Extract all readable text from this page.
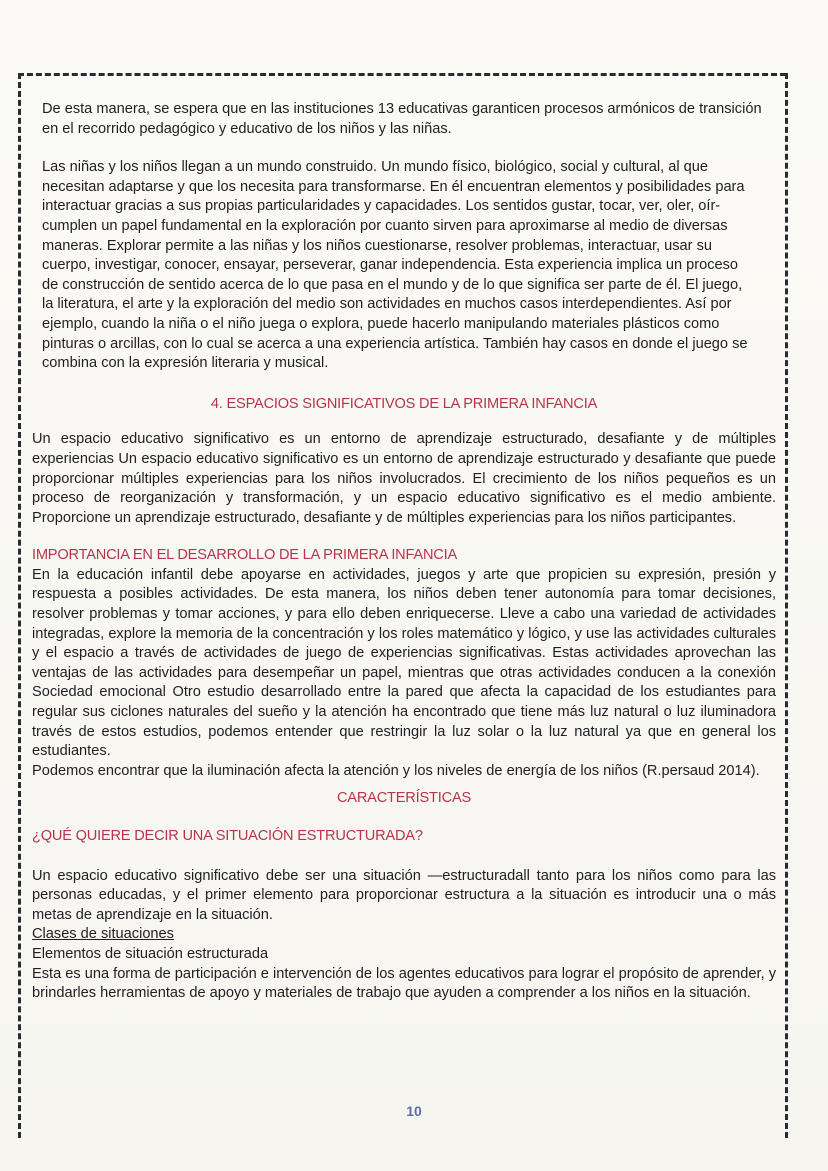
De esta manera, se espera que en las instituciones 13 educativas garanticen procesos armónicos de transición en el recorrido pedagógico y educativo de los niños y las niñas.

Las niñas y los niños llegan a un mundo construido. Un mundo físico, biológico, social y cultural, al que necesitan adaptarse y que los necesita para transformarse. En él encuentran elementos y posibilidades para interactuar gracias a sus propias particularidades y capacidades. Los sentidos gustar, tocar, ver, oler, oír- cumplen un papel fundamental en la exploración por cuanto sirven para aproximarse al medio de diversas maneras. Explorar permite a las niñas y los niños cuestionarse, resolver problemas, interactuar, usar su cuerpo, investigar, conocer, ensayar, perseverar, ganar independencia. Esta experiencia implica un proceso de construcción de sentido acerca de lo que pasa en el mundo y de lo que significa ser parte de él. El juego, la literatura, el arte y la exploración del medio son actividades en muchos casos interdependientes. Así por ejemplo, cuando la niña o el niño juega o explora, puede hacerlo manipulando materiales plásticos como pinturas o arcillas, con lo cual se acerca a una experiencia artística. También hay casos en donde el juego se combina con la expresión literaria y musical.

4. ESPACIOS SIGNIFICATIVOS DE LA PRIMERA INFANCIA

Un espacio educativo significativo es un entorno de aprendizaje estructurado, desafiante y de múltiples experiencias Un espacio educativo significativo es un entorno de aprendizaje estructurado y desafiante que puede proporcionar múltiples experiencias para los niños involucrados. El crecimiento de los niños pequeños es un proceso de reorganización y transformación, y un espacio educativo significativo es el medio ambiente. Proporcione un aprendizaje estructurado, desafiante y de múltiples experiencias para los niños participantes.

IMPORTANCIA EN EL DESARROLLO DE LA PRIMERA INFANCIA

En la educación infantil debe apoyarse en actividades, juegos y arte que propicien su expresión, presión y respuesta a posibles actividades. De esta manera, los niños deben tener autonomía para tomar decisiones, resolver problemas y tomar acciones, y para ello deben enriquecerse. Lleve a cabo una variedad de actividades integradas, explore la memoria de la concentración y los roles matemático y lógico, y use las actividades culturales y el espacio a través de actividades de juego de experiencias significativas. Estas actividades aprovechan las ventajas de las actividades para desempeñar un papel, mientras que otras actividades conducen a la conexión Sociedad emocional Otro estudio desarrollado entre la pared que afecta la capacidad de los estudiantes para regular sus ciclones naturales del sueño y la atención ha encontrado que tiene más luz natural o luz iluminadora través de estos estudios, podemos entender que restringir la luz solar o la luz natural ya que en general los estudiantes.

Podemos encontrar que la iluminación afecta la atención y los niveles de energía de los niños (R.persaud 2014).

CARACTERÍSTICAS

¿QUÉ QUIERE DECIR UNA SITUACIÓN ESTRUCTURADA?

Un espacio educativo significativo debe ser una situación —estructuradall tanto para los niños como para las personas educadas, y el primer elemento para proporcionar estructura a la situación es introducir una o más metas de aprendizaje en la situación.

Clases de situaciones

Elementos de situación estructurada

Esta es una forma de participación e intervención de los agentes educativos para lograr el propósito de aprender, y brindarles herramientas de apoyo y materiales de trabajo que ayuden a comprender a los niños en la situación.

10
